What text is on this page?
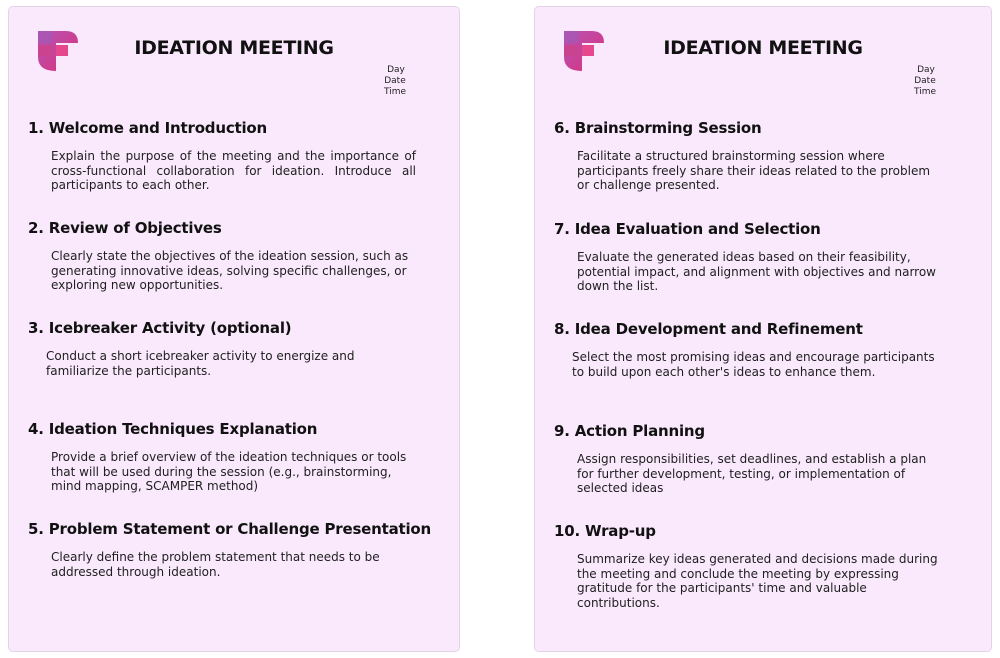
IDEATION MEETING
Day
Date
Time
1. Welcome and Introduction

Explain the purpose of the meeting and the importance of cross-functional collaboration for ideation. Introduce all participants to each other.

2. Review of Objectives

Clearly state the objectives of the ideation session, such as generating innovative ideas, solving specific challenges, or exploring new opportunities.

3. Icebreaker Activity (optional)

Conduct a short icebreaker activity to energize and familiarize the participants.

4. Ideation Techniques Explanation

Provide a brief overview of the ideation techniques or tools that will be used during the session (e.g., brainstorming, mind mapping, SCAMPER method)

5. Problem Statement or Challenge Presentation

Clearly define the problem statement that needs to be addressed through ideation.

IDEATION MEETING
Day
Date
Time
6. Brainstorming Session

Facilitate a structured brainstorming session where participants freely share their ideas related to the problem or challenge presented.

7. Idea Evaluation and Selection

Evaluate the generated ideas based on their feasibility, potential impact, and alignment with objectives and narrow down the list.

8. Idea Development and Refinement

Select the most promising ideas and encourage participants to build upon each other's ideas to enhance them.

9. Action Planning

Assign responsibilities, set deadlines, and establish a plan for further development, testing, or implementation of selected ideas

10. Wrap-up

Summarize key ideas generated and decisions made during the meeting and conclude the meeting by expressing gratitude for the participants' time and valuable contributions.
